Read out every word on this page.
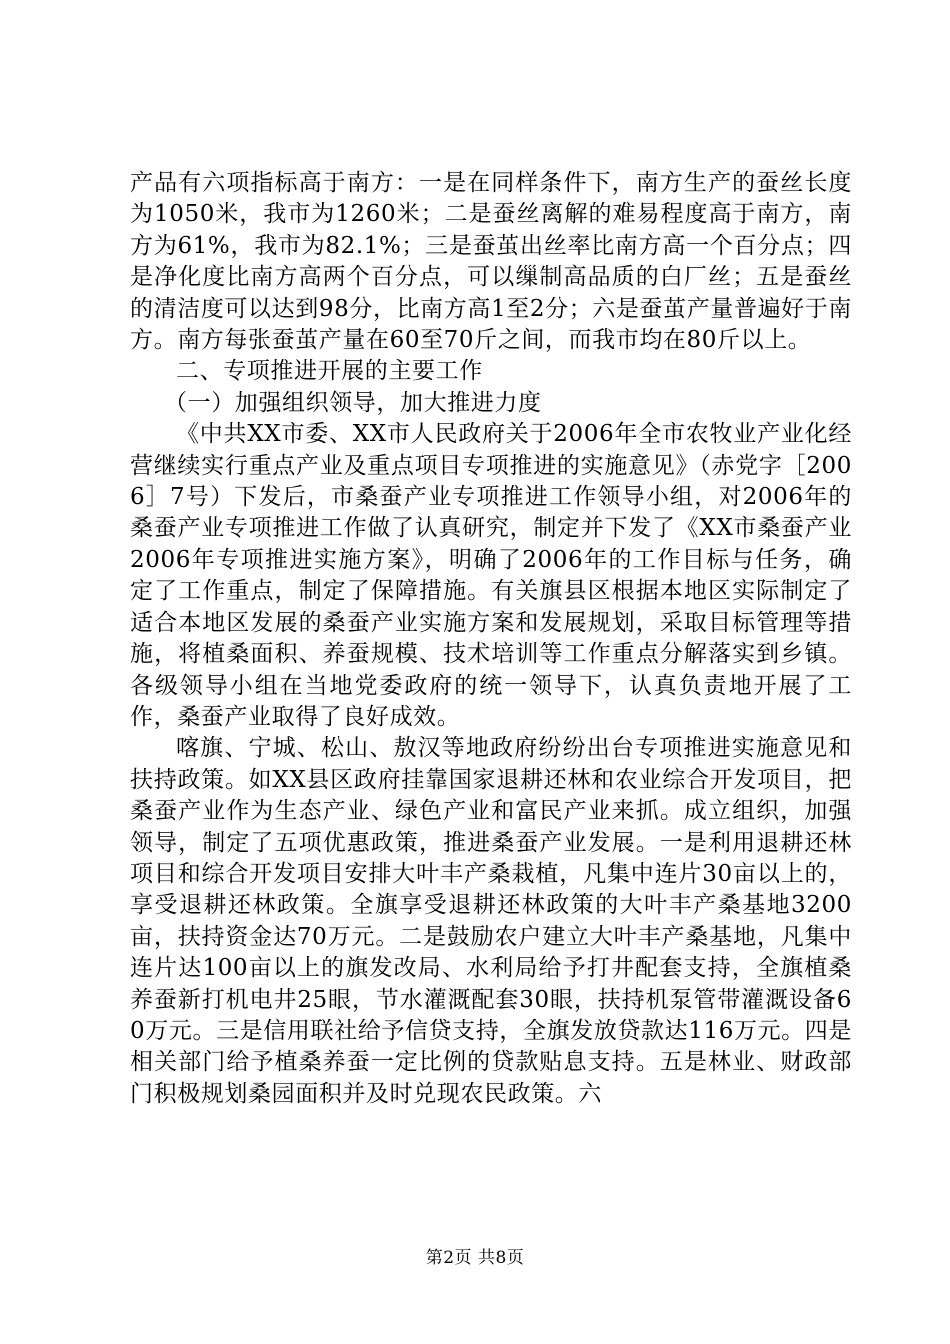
产品有六项指标高于南方：一是在同样条件下，南方生产的蚕丝长度为1050米，我市为1260米；二是蚕丝离解的难易程度高于南方，南方为61%，我市为82.1%；三是蚕茧出丝率比南方高一个百分点；四是净化度比南方高两个百分点，可以缫制高品质的白厂丝；五是蚕丝的清洁度可以达到98分，比南方高1至2分；六是蚕茧产量普遍好于南方。南方每张蚕茧产量在60至70斤之间，而我市均在80斤以上。

二、专项推进开展的主要工作

（一）加强组织领导，加大推进力度

《中共XX市委、XX市人民政府关于2006年全市农牧业产业化经营继续实行重点产业及重点项目专项推进的实施意见》（赤党字［2006］7号）下发后，市桑蚕产业专项推进工作领导小组，对2006年的桑蚕产业专项推进工作做了认真研究，制定并下发了《XX市桑蚕产业2006年专项推进实施方案》，明确了2006年的工作目标与任务，确定了工作重点，制定了保障措施。有关旗县区根据本地区实际制定了适合本地区发展的桑蚕产业实施方案和发展规划，采取目标管理等措施，将植桑面积、养蚕规模、技术培训等工作重点分解落实到乡镇。各级领导小组在当地党委政府的统一领导下，认真负责地开展了工作，桑蚕产业取得了良好成效。

喀旗、宁城、松山、敖汉等地政府纷纷出台专项推进实施意见和扶持政策。如XX县区政府挂靠国家退耕还林和农业综合开发项目，把桑蚕产业作为生态产业、绿色产业和富民产业来抓。成立组织，加强领导，制定了五项优惠政策，推进桑蚕产业发展。一是利用退耕还林项目和综合开发项目安排大叶丰产桑栽植，凡集中连片30亩以上的，享受退耕还林政策。全旗享受退耕还林政策的大叶丰产桑基地3200亩，扶持资金达70万元。二是鼓励农户建立大叶丰产桑基地，凡集中连片达100亩以上的旗发改局、水利局给予打井配套支持，全旗植桑养蚕新打机电井25眼，节水灌溉配套30眼，扶持机泵管带灌溉设备60万元。三是信用联社给予信贷支持，全旗发放贷款达116万元。四是相关部门给予植桑养蚕一定比例的贷款贴息支持。五是林业、财政部门积极规划桑园面积并及时兑现农民政策。六

第2页 共8页
